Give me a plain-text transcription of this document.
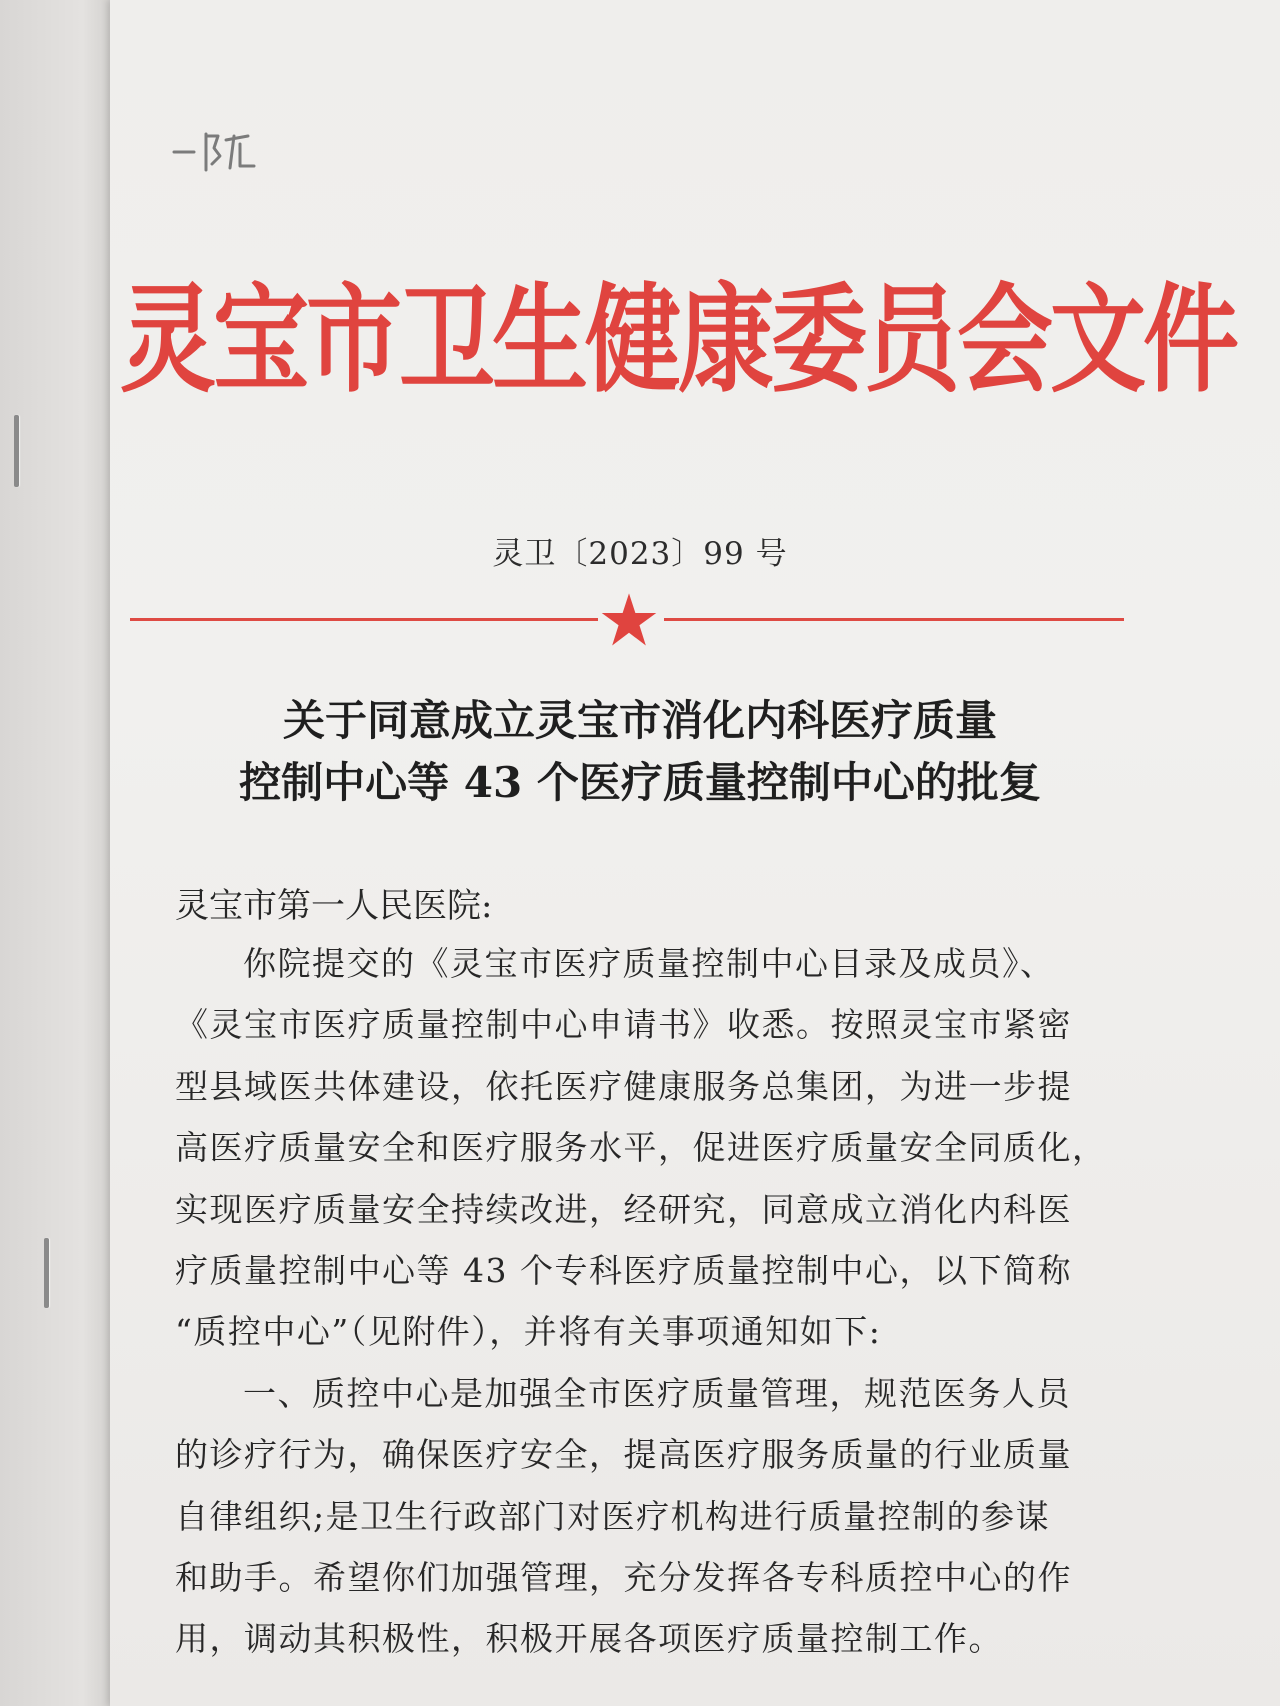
灵宝市卫生健康委员会文件
灵卫〔2023〕99 号
关于同意成立灵宝市消化内科医疗质量
控制中心等 43 个医疗质量控制中心的批复
灵宝市第一人民医院:
你院提交的《灵宝市医疗质量控制中心目录及成员》、
《灵宝市医疗质量控制中心申请书》收悉。按照灵宝市紧密
型县域医共体建设，依托医疗健康服务总集团，为进一步提
高医疗质量安全和医疗服务水平，促进医疗质量安全同质化，
实现医疗质量安全持续改进，经研究，同意成立消化内科医
疗质量控制中心等 43 个专科医疗质量控制中心，以下简称
“质控中心”（见附件），并将有关事项通知如下:
一、质控中心是加强全市医疗质量管理，规范医务人员
的诊疗行为，确保医疗安全，提高医疗服务质量的行业质量
自律组织;是卫生行政部门对医疗机构进行质量控制的参谋
和助手。希望你们加强管理，充分发挥各专科质控中心的作
用，调动其积极性，积极开展各项医疗质量控制工作。
